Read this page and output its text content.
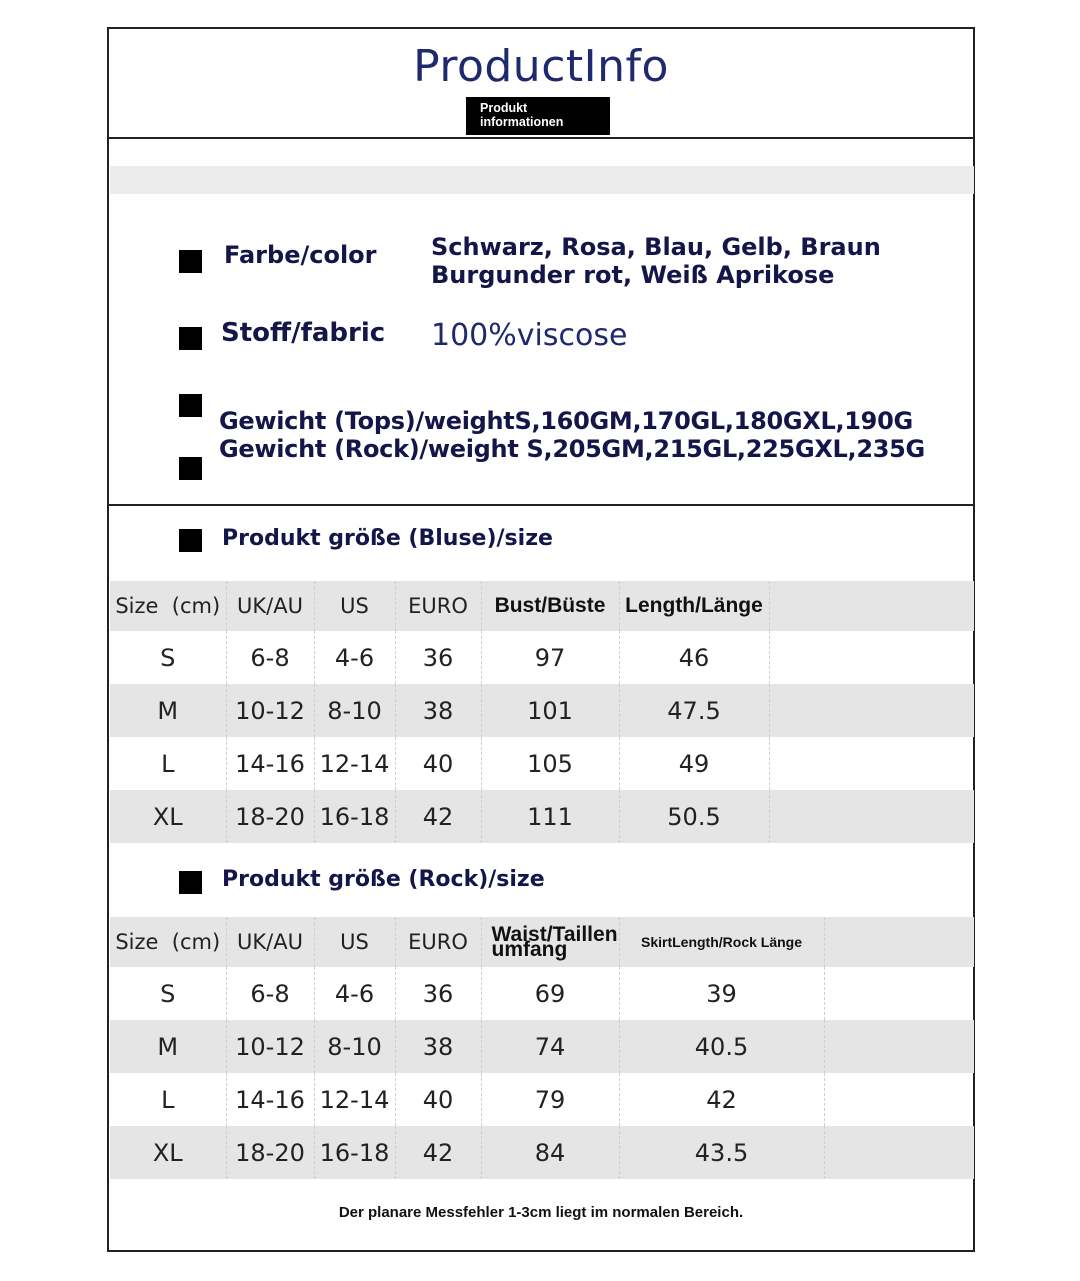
ProductInfo
Produkt
informationen
Farbe/color Schwarz, Rosa, Blau, Gelb, Braun
Burgunder rot, Weiß Aprikose
Stoff/fabric 100%viscose
Gewicht (Tops)/weightS,160GM,170GL,180GXL,190G
Gewicht (Rock)/weight S,205GM,215GL,225GXL,235G
Produkt größe (Bluse)/size
Size  (cm)	UK/AU	US	EURO	Bust/Büste	Length/Länge	
S	6-8	4-6	36	97	46	
M	10-12	8-10	38	101	47.5	
L	14-16	12-14	40	105	49	
XL	18-20	16-18	42	111	50.5	
Produkt größe (Rock)/size
Size  (cm)	UK/AU	US	EURO	Waist/Taillen umfang	SkirtLength/Rock Länge	
S	6-8	4-6	36	69	39	
M	10-12	8-10	38	74	40.5	
L	14-16	12-14	40	79	42	
XL	18-20	16-18	42	84	43.5	
Der planare Messfehler 1-3cm liegt im normalen Bereich.
